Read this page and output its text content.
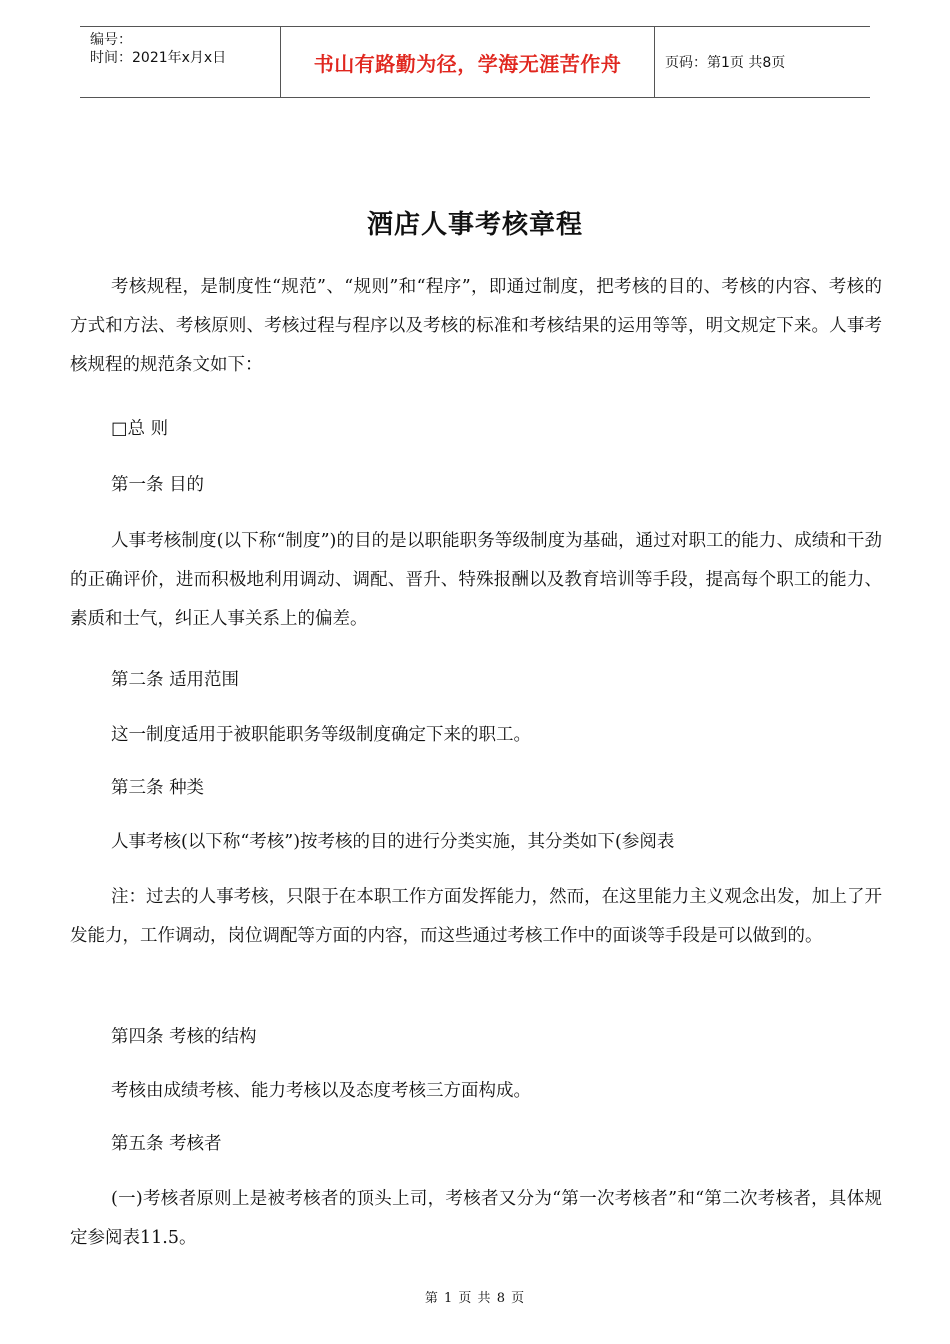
编号：
时间：2021年x月x日	书山有路勤为径，学海无涯苦作舟	页码：第1页 共8页
酒店人事考核章程

考核规程，是制度性“规范”、“规则”和“程序”，即通过制度，把考核的目的、考核的内容、考核的方式和方法、考核原则、考核过程与程序以及考核的标准和考核结果的运用等等，明文规定下来。人事考核规程的规范条文如下：

□总 则

第一条 目的

人事考核制度(以下称“制度”)的目的是以职能职务等级制度为基础，通过对职工的能力、成绩和干劲的正确评价，进而积极地利用调动、调配、晋升、特殊报酬以及教育培训等手段，提高每个职工的能力、素质和士气，纠正人事关系上的偏差。

第二条 适用范围

这一制度适用于被职能职务等级制度确定下来的职工。

第三条 种类

人事考核(以下称“考核”)按考核的目的进行分类实施，其分类如下(参阅表

注：过去的人事考核，只限于在本职工作方面发挥能力，然而，在这里能力主义观念出发，加上了开发能力，工作调动，岗位调配等方面的内容，而这些通过考核工作中的面谈等手段是可以做到的。

第四条 考核的结构

考核由成绩考核、能力考核以及态度考核三方面构成。

第五条 考核者

(一)考核者原则上是被考核者的顶头上司，考核者又分为“第一次考核者”和“第二次考核者，具体规定参阅表11.5。

第 1 页 共 8 页
